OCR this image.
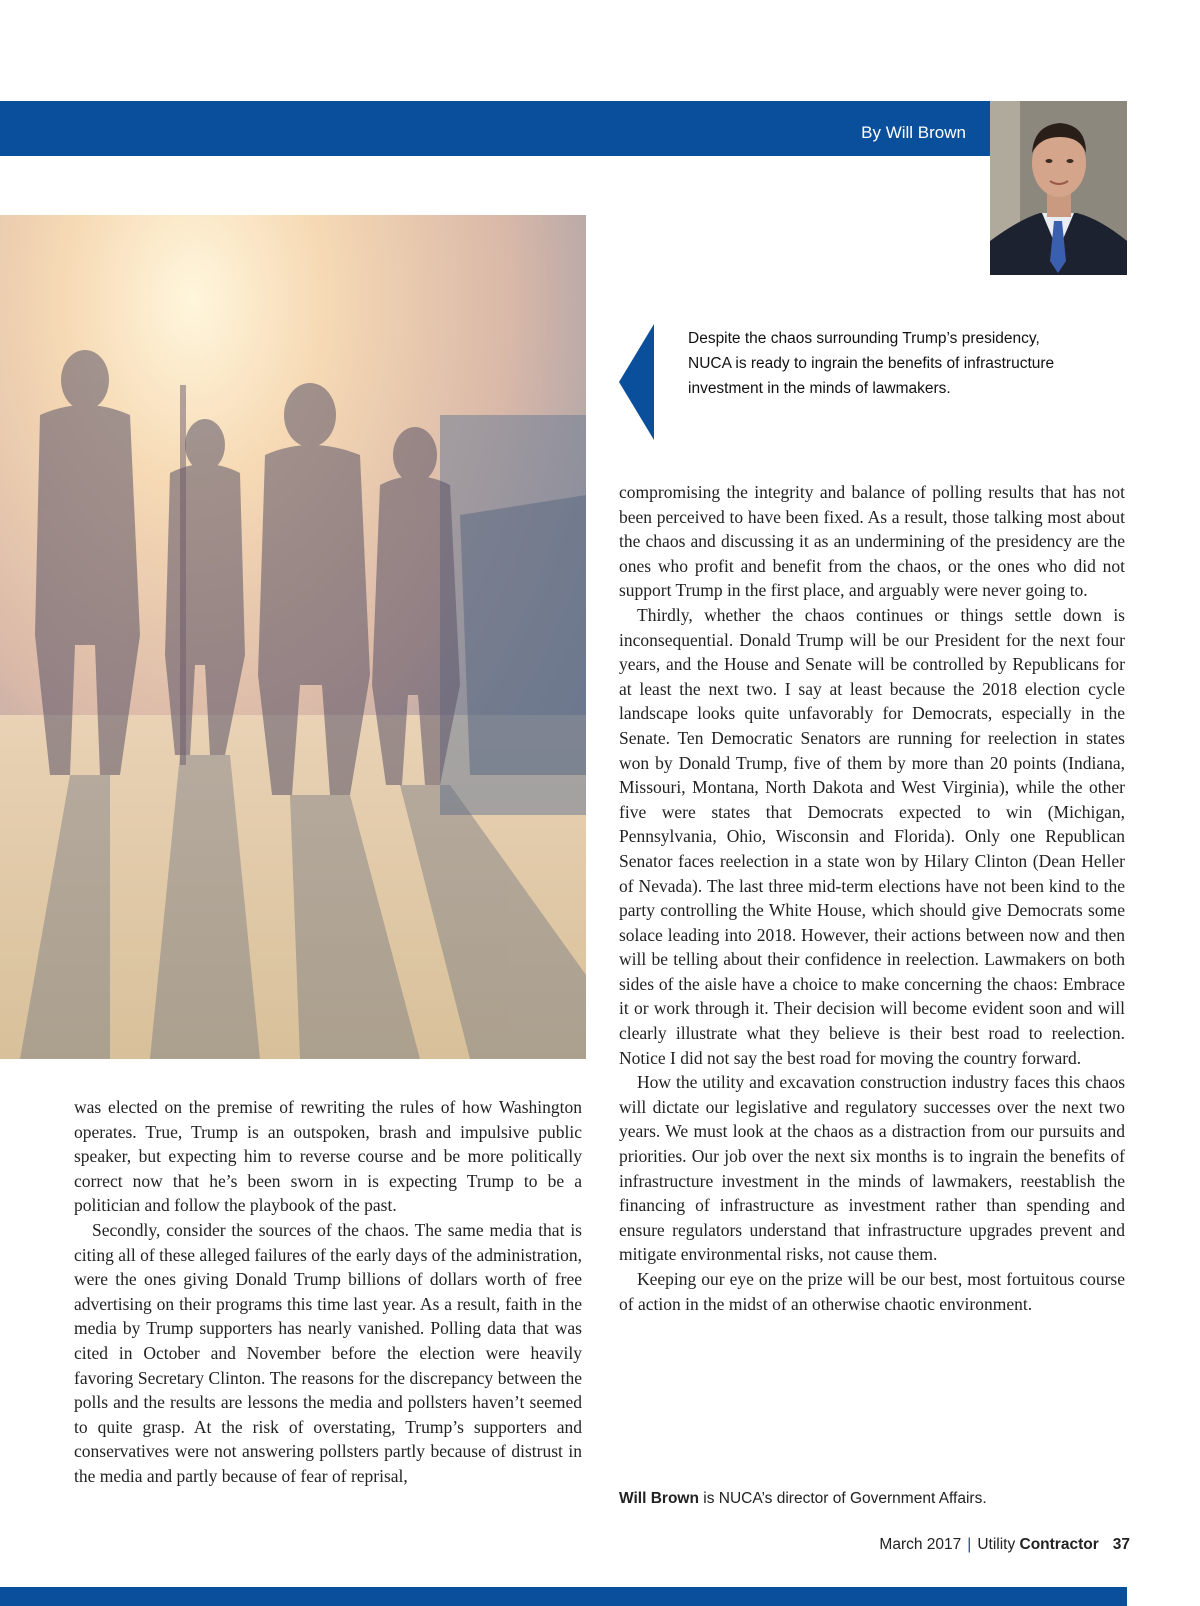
By Will Brown
Despite the chaos surrounding Trump’s presidency, NUCA is ready to ingrain the benefits of infrastructure investment in the minds of lawmakers.

was elected on the premise of rewriting the rules of how Washington operates. True, Trump is an outspoken, brash and impulsive public speaker, but expecting him to reverse course and be more politically correct now that he’s been sworn in is expecting Trump to be a politician and follow the playbook of the past.

Secondly, consider the sources of the chaos. The same media that is citing all of these alleged failures of the early days of the administration, were the ones giving Donald Trump billions of dollars worth of free advertising on their programs this time last year. As a result, faith in the media by Trump supporters has nearly vanished. Polling data that was cited in October and November before the election were heavily favoring Secretary Clinton. The reasons for the discrepancy between the polls and the results are lessons the media and pollsters haven’t seemed to quite grasp. At the risk of overstating, Trump’s supporters and conservatives were not answering pollsters partly because of distrust in the media and partly because of fear of reprisal,

compromising the integrity and balance of polling results that has not been perceived to have been fixed. As a result, those talking most about the chaos and discussing it as an undermining of the presidency are the ones who profit and benefit from the chaos, or the ones who did not support Trump in the first place, and arguably were never going to.

Thirdly, whether the chaos continues or things settle down is inconsequential. Donald Trump will be our President for the next four years, and the House and Senate will be controlled by Republicans for at least the next two. I say at least because the 2018 election cycle landscape looks quite unfavorably for Democrats, especially in the Senate. Ten Democratic Senators are running for reelection in states won by Donald Trump, five of them by more than 20 points (Indiana, Missouri, Montana, North Dakota and West Virginia), while the other five were states that Democrats expected to win (Michigan, Pennsylvania, Ohio, Wisconsin and Florida). Only one Republican Senator faces reelection in a state won by Hilary Clinton (Dean Heller of Nevada). The last three mid-term elections have not been kind to the party controlling the White House, which should give Democrats some solace leading into 2018. However, their actions between now and then will be telling about their confidence in reelection. Lawmakers on both sides of the aisle have a choice to make concerning the chaos: Embrace it or work through it. Their decision will become evident soon and will clearly illustrate what they believe is their best road to reelection. Notice I did not say the best road for moving the country forward.

How the utility and excavation construction industry faces this chaos will dictate our legislative and regulatory successes over the next two years. We must look at the chaos as a distraction from our pursuits and priorities. Our job over the next six months is to ingrain the benefits of infrastructure investment in the minds of lawmakers, reestablish the financing of infrastructure as investment rather than spending and ensure regulators understand that infrastructure upgrades prevent and mitigate environmental risks, not cause them.

Keeping our eye on the prize will be our best, most fortuitous course of action in the midst of an otherwise chaotic environment.

Will Brown is NUCA’s director of Government Affairs.
March 2017 | Utility Contractor 37
